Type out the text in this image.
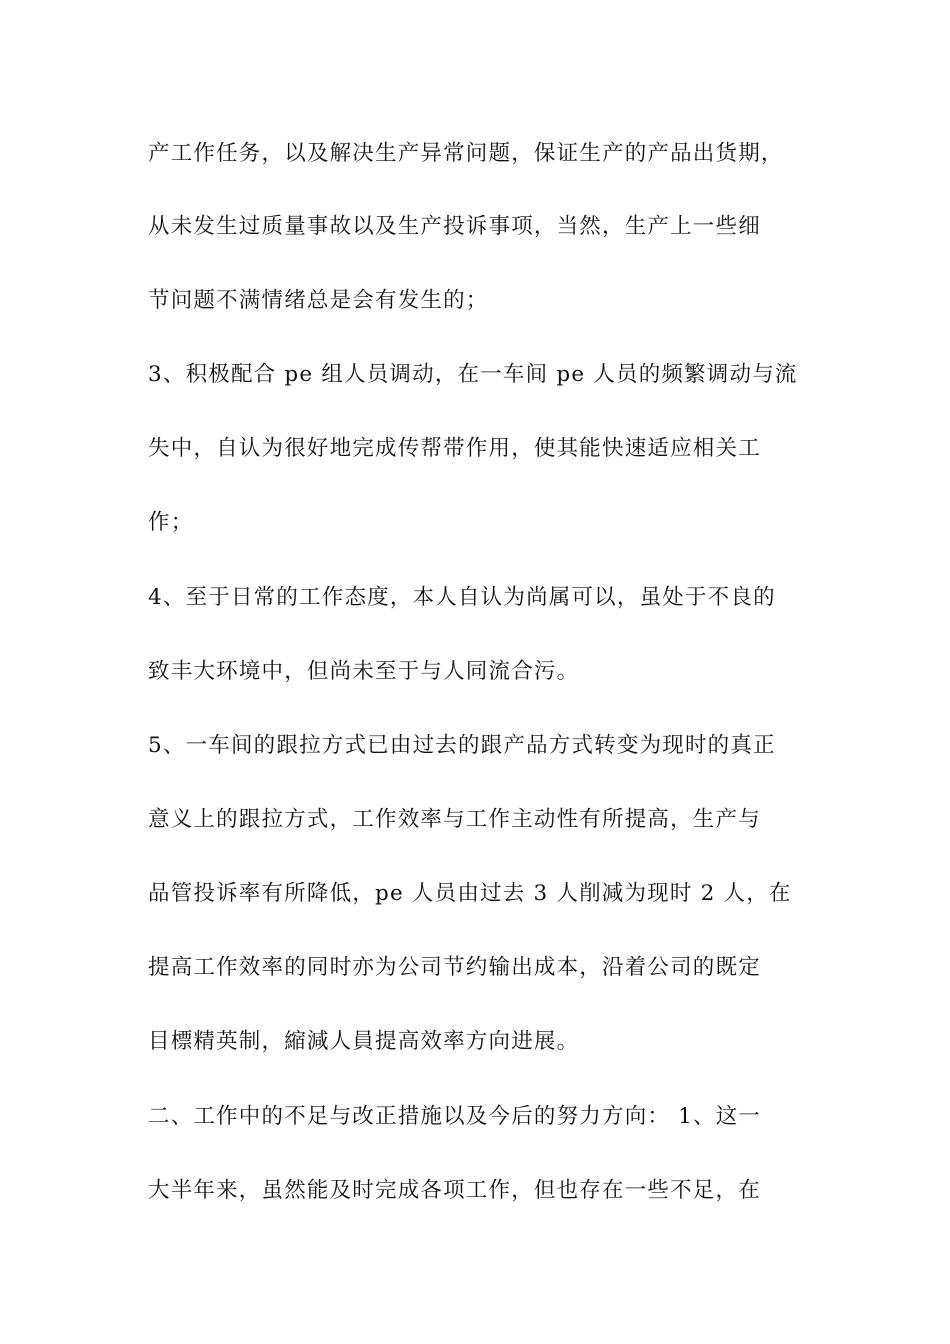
产工作任务，以及解决生产异常问题，保证生产的产品出货期，
从未发生过质量事故以及生产投诉事项，当然，生产上一些细
节问题不满情绪总是会有发生的；
3、积极配合 pe 组人员调动，在一车间 pe 人员的频繁调动与流
失中，自认为很好地完成传帮带作用，使其能快速适应相关工
作；
4、至于日常的工作态度，本人自认为尚属可以，虽处于不良的
致丰大环境中，但尚未至于与人同流合污。
5、一车间的跟拉方式已由过去的跟产品方式转变为现时的真正
意义上的跟拉方式，工作效率与工作主动性有所提高，生产与
品管投诉率有所降低，pe 人员由过去 3 人削减为现时 2 人，在
提高工作效率的同时亦为公司节约输出成本，沿着公司的既定
目標精英制，縮減人員提高效率方向进展。
二、工作中的不足与改正措施以及今后的努力方向： 1、这一
大半年来，虽然能及时完成各项工作，但也存在一些不足，在
